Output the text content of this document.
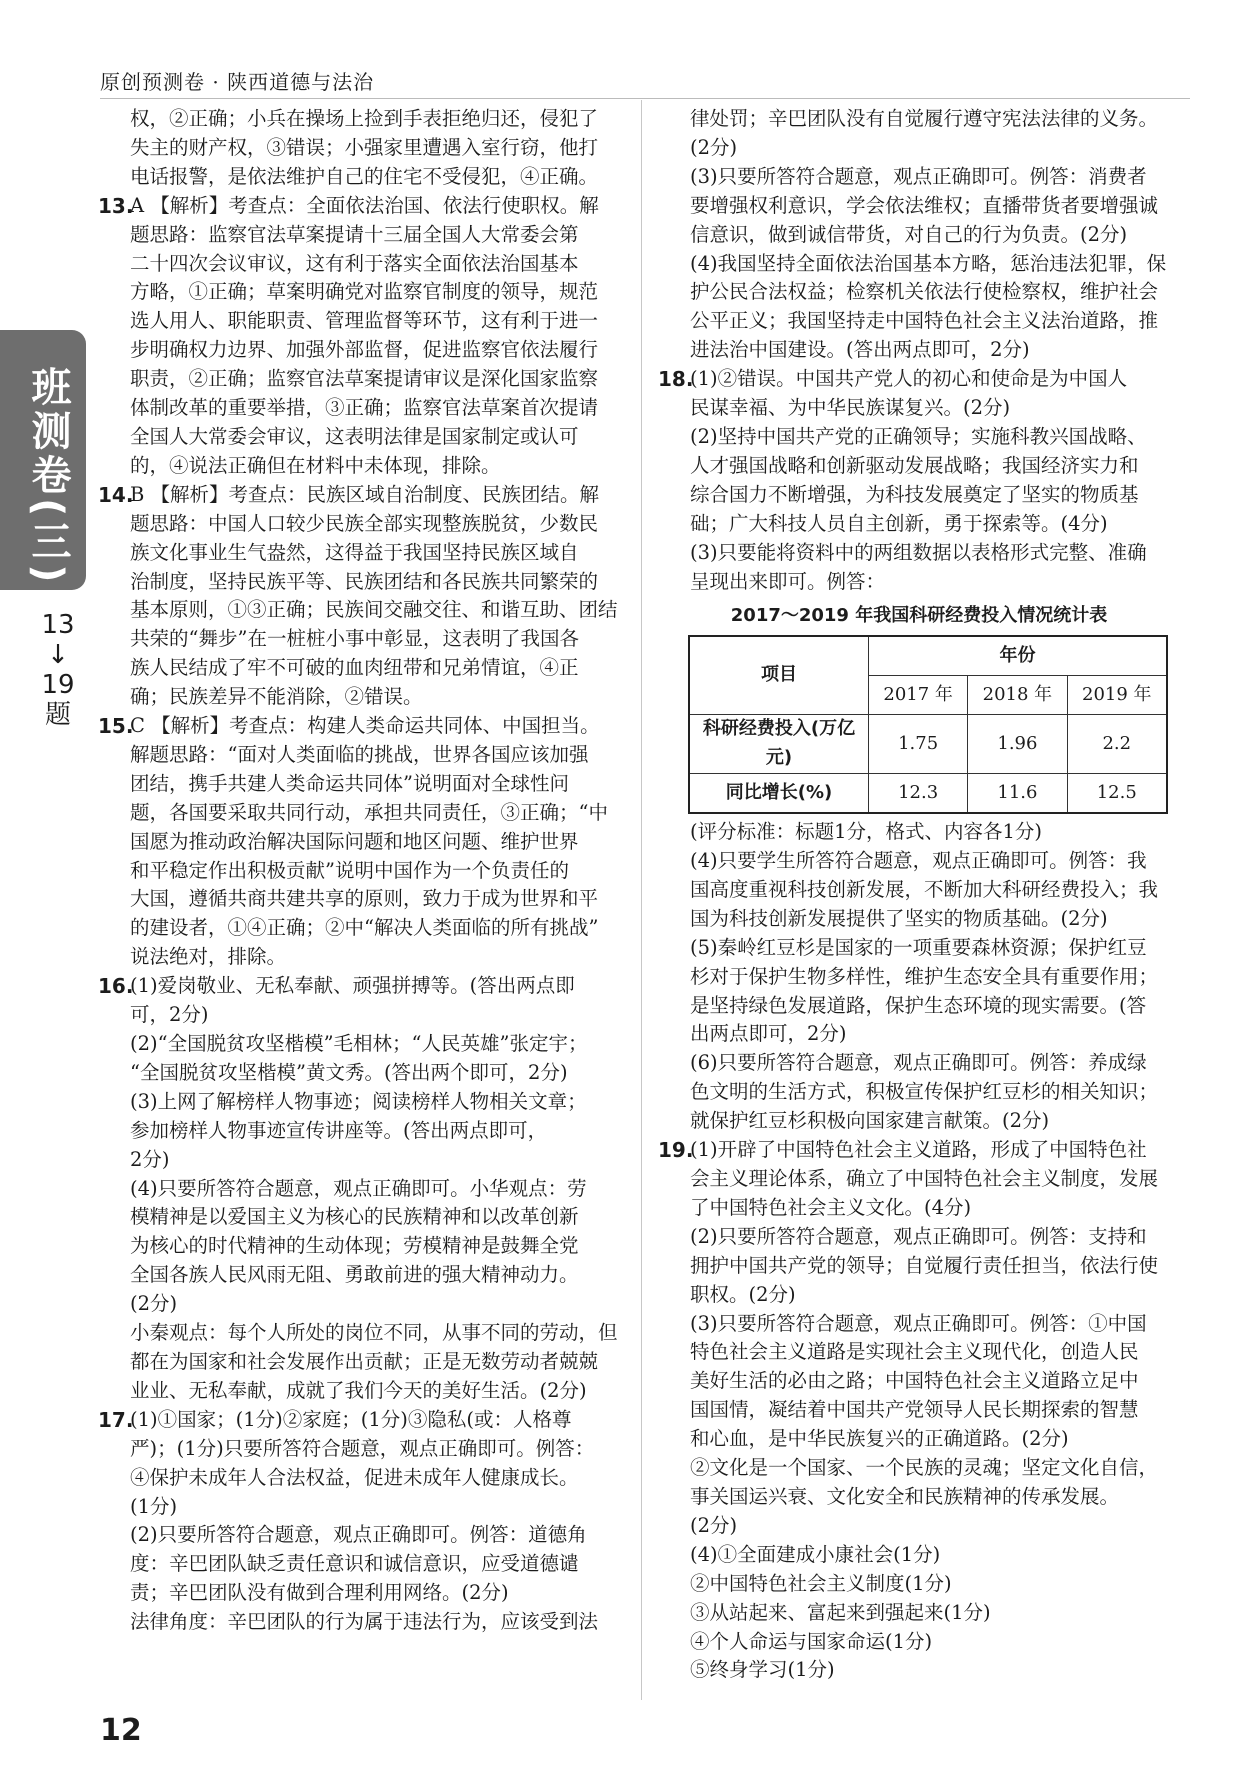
原创预测卷 · 陕西道德与法治
班测卷(三)
13
↓
19
题

权，②正确；小兵在操场上捡到手表拒绝归还，侵犯了

失主的财产权，③错误；小强家里遭遇入室行窃，他打

电话报警，是依法维护自己的住宅不受侵犯，④正确。

13.

A 【解析】考查点：全面依法治国、依法行使职权。解

题思路：监察官法草案提请十三届全国人大常委会第

二十四次会议审议，这有利于落实全面依法治国基本

方略，①正确；草案明确党对监察官制度的领导，规范

选人用人、职能职责、管理监督等环节，这有利于进一

步明确权力边界、加强外部监督，促进监察官依法履行

职责，②正确；监察官法草案提请审议是深化国家监察

体制改革的重要举措，③正确；监察官法草案首次提请

全国人大常委会审议，这表明法律是国家制定或认可

的，④说法正确但在材料中未体现，排除。

14.

B 【解析】考查点：民族区域自治制度、民族团结。解

题思路：中国人口较少民族全部实现整族脱贫，少数民

族文化事业生气盎然，这得益于我国坚持民族区域自

治制度，坚持民族平等、民族团结和各民族共同繁荣的

基本原则，①③正确；民族间交融交往、和谐互助、团结

共荣的“舞步”在一桩桩小事中彰显，这表明了我国各

族人民结成了牢不可破的血肉纽带和兄弟情谊，④正

确；民族差异不能消除，②错误。

15.

C 【解析】考查点：构建人类命运共同体、中国担当。

解题思路：“面对人类面临的挑战，世界各国应该加强

团结，携手共建人类命运共同体”说明面对全球性问

题，各国要采取共同行动，承担共同责任，③正确；“中

国愿为推动政治解决国际问题和地区问题、维护世界

和平稳定作出积极贡献”说明中国作为一个负责任的

大国，遵循共商共建共享的原则，致力于成为世界和平

的建设者，①④正确；②中“解决人类面临的所有挑战”

说法绝对，排除。

16.

(1)爱岗敬业、无私奉献、顽强拼搏等。(答出两点即

可，2分)

(2)“全国脱贫攻坚楷模”毛相林；“人民英雄”张定宇；

“全国脱贫攻坚楷模”黄文秀。(答出两个即可，2分)

(3)上网了解榜样人物事迹；阅读榜样人物相关文章；

参加榜样人物事迹宣传讲座等。(答出两点即可，

2分)

(4)只要所答符合题意，观点正确即可。小华观点：劳

模精神是以爱国主义为核心的民族精神和以改革创新

为核心的时代精神的生动体现；劳模精神是鼓舞全党

全国各族人民风雨无阻、勇敢前进的强大精神动力。

(2分)

小秦观点：每个人所处的岗位不同，从事不同的劳动，但

都在为国家和社会发展作出贡献；正是无数劳动者兢兢

业业、无私奉献，成就了我们今天的美好生活。(2分)

17.

(1)①国家；(1分)②家庭；(1分)③隐私(或：人格尊

严)；(1分)只要所答符合题意，观点正确即可。例答：

④保护未成年人合法权益，促进未成年人健康成长。

(1分)

(2)只要所答符合题意，观点正确即可。例答：道德角

度：辛巴团队缺乏责任意识和诚信意识，应受道德谴

责；辛巴团队没有做到合理利用网络。(2分)

法律角度：辛巴团队的行为属于违法行为，应该受到法

律处罚；辛巴团队没有自觉履行遵守宪法法律的义务。

(2分)

(3)只要所答符合题意，观点正确即可。例答：消费者

要增强权利意识，学会依法维权；直播带货者要增强诚

信意识，做到诚信带货，对自己的行为负责。(2分)

(4)我国坚持全面依法治国基本方略，惩治违法犯罪，保

护公民合法权益；检察机关依法行使检察权，维护社会

公平正义；我国坚持走中国特色社会主义法治道路，推

进法治中国建设。(答出两点即可，2分)

18.

(1)②错误。中国共产党人的初心和使命是为中国人

民谋幸福、为中华民族谋复兴。(2分)

(2)坚持中国共产党的正确领导；实施科教兴国战略、

人才强国战略和创新驱动发展战略；我国经济实力和

综合国力不断增强，为科技发展奠定了坚实的物质基

础；广大科技人员自主创新，勇于探索等。(4分)

(3)只要能将资料中的两组数据以表格形式完整、准确

呈现出来即可。例答：

2017～2019 年我国科研经费投入情况统计表
项目	年份		
	2017 年	2018 年	2019 年
科研经费投入(万亿元)	1.75	1.96	2.2
同比增长(%)	12.3	11.6	12.5

(评分标准：标题1分，格式、内容各1分)

(4)只要学生所答符合题意，观点正确即可。例答：我

国高度重视科技创新发展，不断加大科研经费投入；我

国为科技创新发展提供了坚实的物质基础。(2分)

(5)秦岭红豆杉是国家的一项重要森林资源；保护红豆

杉对于保护生物多样性，维护生态安全具有重要作用；

是坚持绿色发展道路，保护生态环境的现实需要。(答

出两点即可，2分)

(6)只要所答符合题意，观点正确即可。例答：养成绿

色文明的生活方式，积极宣传保护红豆杉的相关知识；

就保护红豆杉积极向国家建言献策。(2分)

19.

(1)开辟了中国特色社会主义道路，形成了中国特色社

会主义理论体系，确立了中国特色社会主义制度，发展

了中国特色社会主义文化。(4分)

(2)只要所答符合题意，观点正确即可。例答：支持和

拥护中国共产党的领导；自觉履行责任担当，依法行使

职权。(2分)

(3)只要所答符合题意，观点正确即可。例答：①中国

特色社会主义道路是实现社会主义现代化，创造人民

美好生活的必由之路；中国特色社会主义道路立足中

国国情，凝结着中国共产党领导人民长期探索的智慧

和心血，是中华民族复兴的正确道路。(2分)

②文化是一个国家、一个民族的灵魂；坚定文化自信，

事关国运兴衰、文化安全和民族精神的传承发展。

(2分)

(4)①全面建成小康社会(1分)

②中国特色社会主义制度(1分)

③从站起来、富起来到强起来(1分)

④个人命运与国家命运(1分)

⑤终身学习(1分)

12
